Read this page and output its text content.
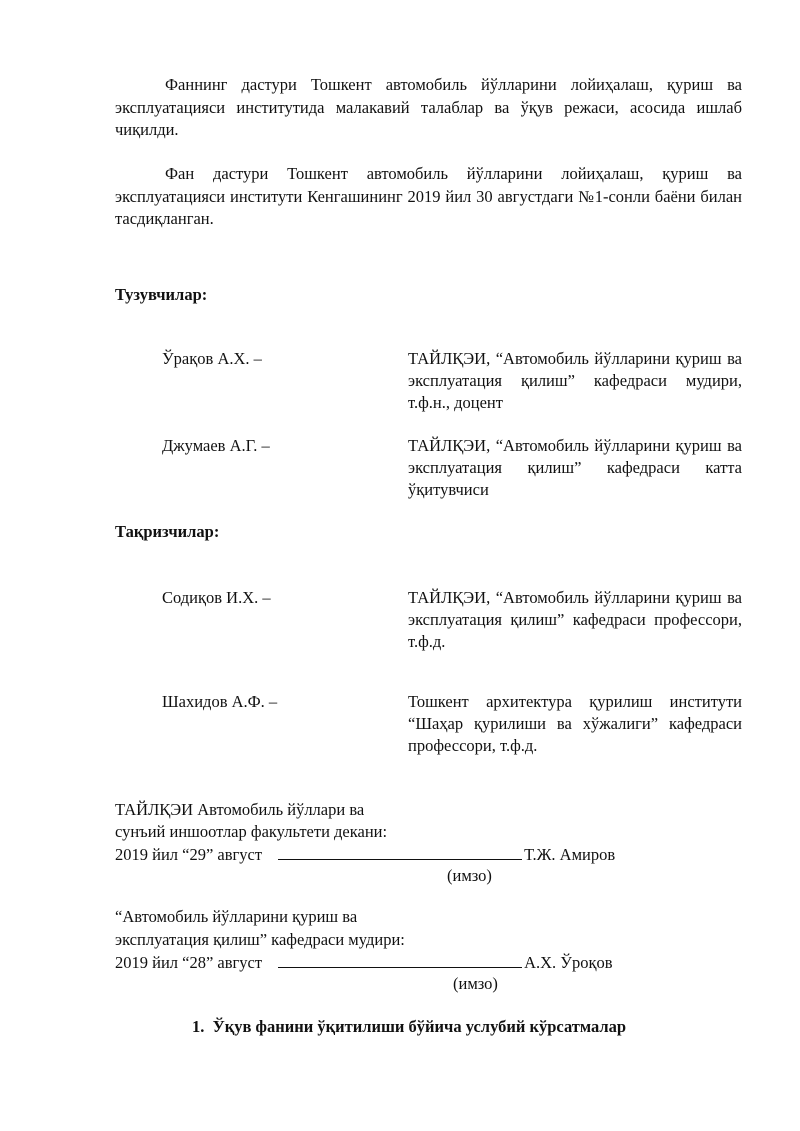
Фаннинг дастури Тошкент автомобиль йўлларини лойиҳалаш, қуриш ва эксплуатацияси институтида малакавий талаблар ва ўқув режаси, асосида ишлаб чиқилди.

Фан дастури Тошкент автомобиль йўлларини лойиҳалаш, қуриш ва эксплуатацияси институти Кенгашининг 2019 йил 30 августдаги №1-сонли баёни билан тасдиқланган.

Тузувчилар:
Ўрақов А.Х. –	ТАЙЛҚЭИ, “Автомобиль йўлларини қуриш ва эксплуатация қилиш” кафедраси мудири, т.ф.н., доцент
Джумаев А.Г. –	ТАЙЛҚЭИ, “Автомобиль йўлларини қуриш ва эксплуатация қилиш” кафедраси катта ўқитувчиси
Тақризчилар:
Содиқов И.Х. –	ТАЙЛҚЭИ, “Автомобиль йўлларини қуриш ва эксплуатация қилиш” кафедраси профессори, т.ф.д.
Шахидов А.Ф. –	Тошкент архитектура қурилиш институти “Шаҳар қурилиши ва хўжалиги” кафедраси профессори, т.ф.д.
ТАЙЛҚЭИ Автомобиль йўллари ва
сунъий иншоотлар факультети декани:
2019 йил “29” август	Т.Ж. Амиров
(имзо)
“Автомобиль йўлларини қуриш ва
эксплуатация қилиш” кафедраси мудири:
2019 йил “28” август	А.Х. Ўроқов
(имзо)
1. Ўқув фанини ўқитилиши бўйича услубий кўрсатмалар
